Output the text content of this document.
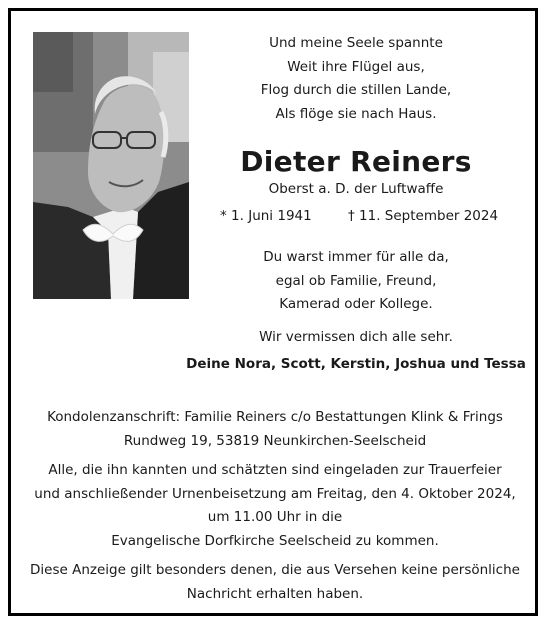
Und meine Seele spannte
Weit ihre Flügel aus,
Flog durch die stillen Lande,
Als flöge sie nach Haus.
Dieter Reiners
Oberst a. D. der Luftwaffe
* 1. Juni 1941	† 11. September 2024
Du warst immer für alle da,
egal ob Familie, Freund,
Kamerad oder Kollege.
Wir vermissen dich alle sehr.
Deine Nora, Scott, Kerstin, Joshua und Tessa
Kondolenzanschrift: Familie Reiners c/o Bestattungen Klink & Frings
Rundweg 19, 53819 Neunkirchen-Seelscheid
Alle, die ihn kannten und schätzten sind eingeladen zur Trauerfeier
und anschließender Urnenbeisetzung am Freitag, den 4. Oktober 2024,
um 11.00 Uhr in die
Evangelische Dorfkirche Seelscheid zu kommen.
Diese Anzeige gilt besonders denen, die aus Versehen keine persönliche
Nachricht erhalten haben.
